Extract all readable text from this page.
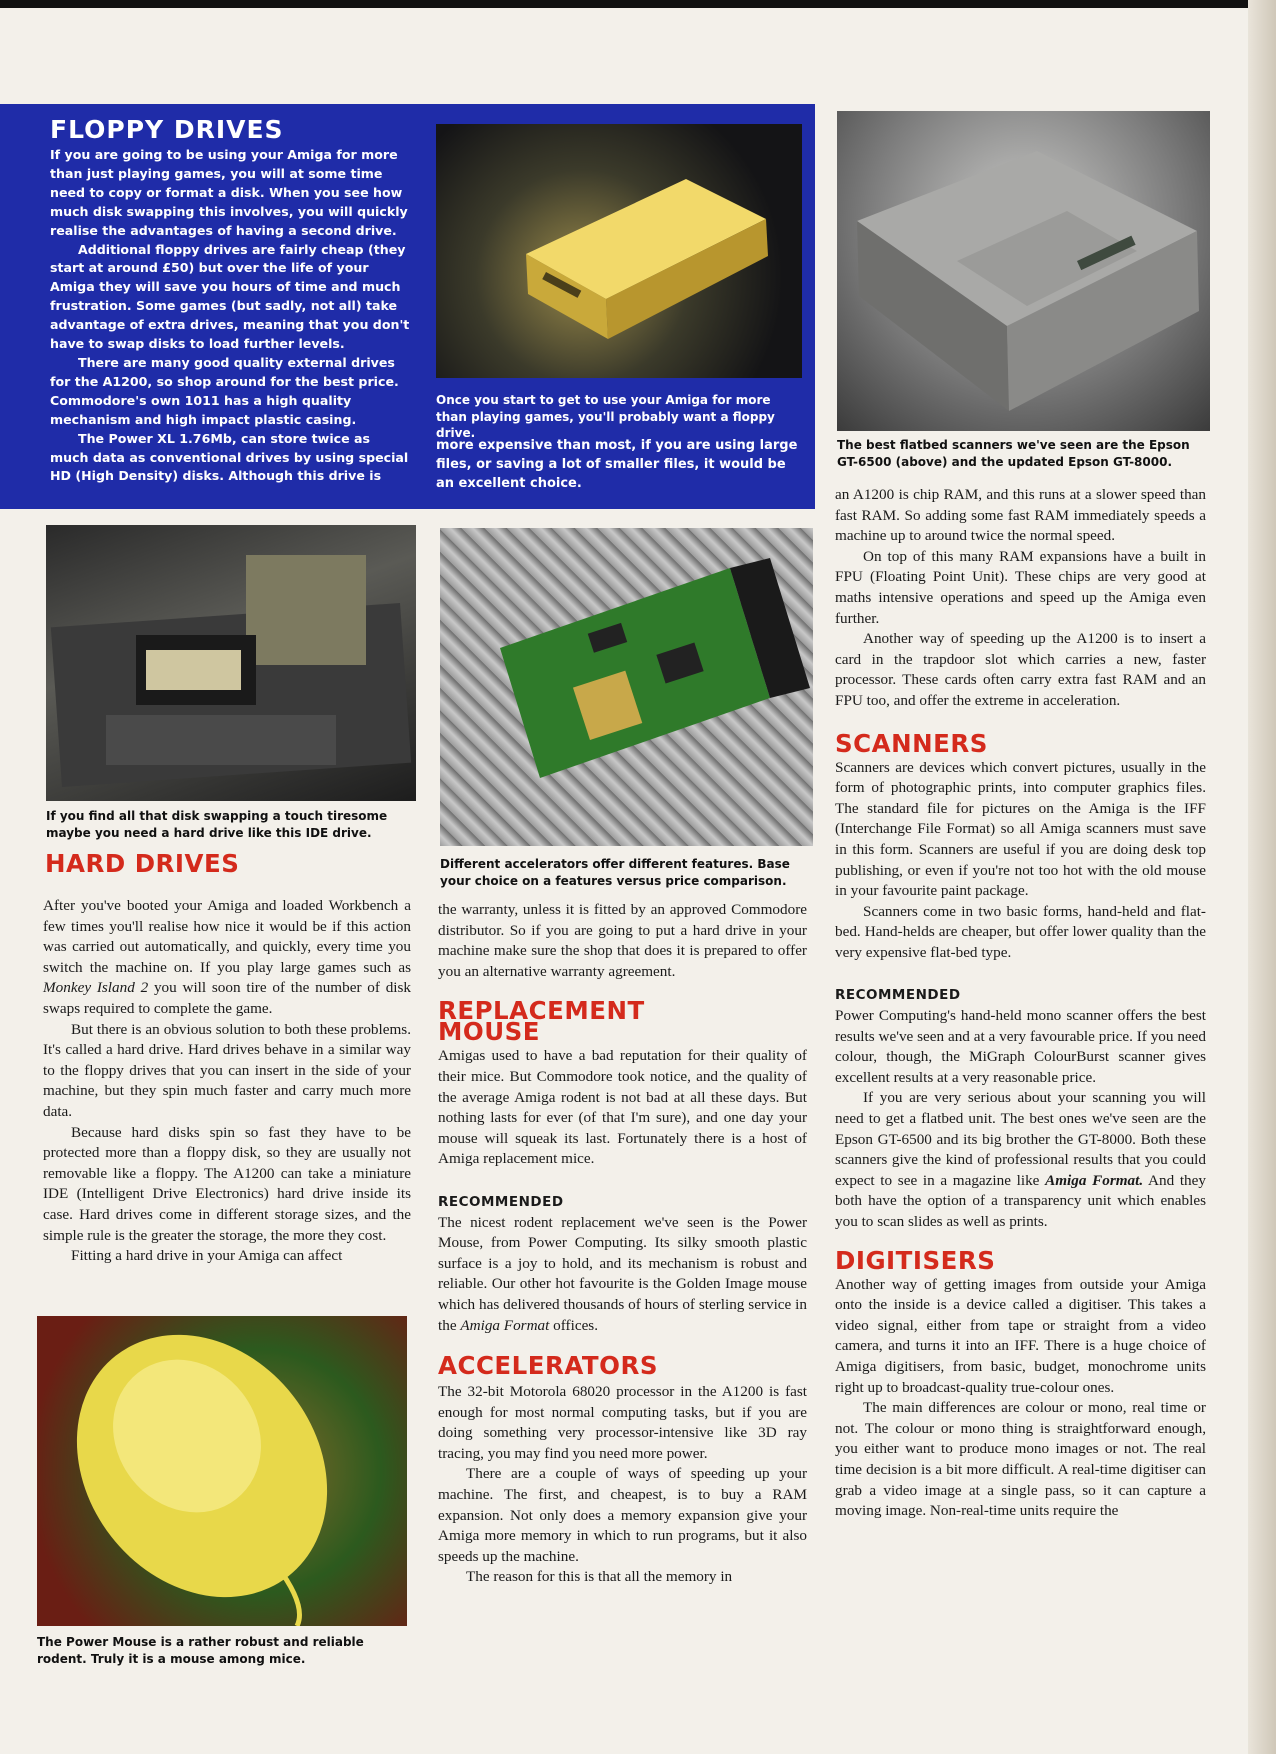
FLOPPY DRIVES

If you are going to be using your Amiga for more than just playing games, you will at some time need to copy or format a disk. When you see how much disk swapping this involves, you will quickly realise the advantages of having a second drive.

Additional floppy drives are fairly cheap (they start at around £50) but over the life of your Amiga they will save you hours of time and much frustration. Some games (but sadly, not all) take advantage of extra drives, meaning that you don't have to swap disks to load further levels.

There are many good quality external drives for the A1200, so shop around for the best price. Commodore's own 1011 has a high quality mechanism and high impact plastic casing.

The Power XL 1.76Mb, can store twice as much data as conventional drives by using special HD (High Density) disks. Although this drive is

Once you start to get to use your Amiga for more than playing games, you'll probably want a floppy drive.

more expensive than most, if you are using large files, or saving a lot of smaller files, it would be an excellent choice.

The best flatbed scanners we've seen are the Epson GT-6500 (above) and the updated Epson GT-8000.

If you find all that disk swapping a touch tiresome maybe you need a hard drive like this IDE drive.

Different accelerators offer different features. Base your choice on a features versus price comparison.

The Power Mouse is a rather robust and reliable rodent. Truly it is a mouse among mice.

HARD DRIVES

After you've booted your Amiga and loaded Workbench a few times you'll realise how nice it would be if this action was carried out automatically, and quickly, every time you switch the machine on. If you play large games such as Monkey Island 2 you will soon tire of the number of disk swaps required to complete the game.

But there is an obvious solution to both these problems. It's called a hard drive. Hard drives behave in a similar way to the floppy drives that you can insert in the side of your machine, but they spin much faster and carry much more data.

Because hard disks spin so fast they have to be protected more than a floppy disk, so they are usually not removable like a floppy. The A1200 can take a miniature IDE (Intelligent Drive Electronics) hard drive inside its case. Hard drives come in different storage sizes, and the simple rule is the greater the storage, the more they cost.

Fitting a hard drive in your Amiga can affect

the warranty, unless it is fitted by an approved Commodore distributor. So if you are going to put a hard drive in your machine make sure the shop that does it is prepared to offer you an alternative warranty agreement.

REPLACEMENT
MOUSE

Amigas used to have a bad reputation for their quality of their mice. But Commodore took notice, and the quality of the average Amiga rodent is not bad at all these days. But nothing lasts for ever (of that I'm sure), and one day your mouse will squeak its last. Fortunately there is a host of Amiga replacement mice.

RECOMMENDED

The nicest rodent replacement we've seen is the Power Mouse, from Power Computing. Its silky smooth plastic surface is a joy to hold, and its mechanism is robust and reliable. Our other hot favourite is the Golden Image mouse which has delivered thousands of hours of sterling service in the Amiga Format offices.

ACCELERATORS

The 32-bit Motorola 68020 processor in the A1200 is fast enough for most normal computing tasks, but if you are doing something very processor-intensive like 3D ray tracing, you may find you need more power.

There are a couple of ways of speeding up your machine. The first, and cheapest, is to buy a RAM expansion. Not only does a memory expansion give your Amiga more memory in which to run programs, but it also speeds up the machine.

The reason for this is that all the memory in

an A1200 is chip RAM, and this runs at a slower speed than fast RAM. So adding some fast RAM immediately speeds a machine up to around twice the normal speed.

On top of this many RAM expansions have a built in FPU (Floating Point Unit). These chips are very good at maths intensive operations and speed up the Amiga even further.

Another way of speeding up the A1200 is to insert a card in the trapdoor slot which carries a new, faster processor. These cards often carry extra fast RAM and an FPU too, and offer the extreme in acceleration.

SCANNERS

Scanners are devices which convert pictures, usually in the form of photographic prints, into computer graphics files. The standard file for pictures on the Amiga is the IFF (Interchange File Format) so all Amiga scanners must save in this form. Scanners are useful if you are doing desk top publishing, or even if you're not too hot with the old mouse in your favourite paint package.

Scanners come in two basic forms, hand-held and flat-bed. Hand-helds are cheaper, but offer lower quality than the very expensive flat-bed type.

RECOMMENDED

Power Computing's hand-held mono scanner offers the best results we've seen and at a very favourable price. If you need colour, though, the MiGraph ColourBurst scanner gives excellent results at a very reasonable price.

If you are very serious about your scanning you will need to get a flatbed unit. The best ones we've seen are the Epson GT-6500 and its big brother the GT-8000. Both these scanners give the kind of professional results that you could expect to see in a magazine like Amiga Format. And they both have the option of a transparency unit which enables you to scan slides as well as prints.

DIGITISERS

Another way of getting images from outside your Amiga onto the inside is a device called a digitiser. This takes a video signal, either from tape or straight from a video camera, and turns it into an IFF. There is a huge choice of Amiga digitisers, from basic, budget, monochrome units right up to broadcast-quality true-colour ones.

The main differences are colour or mono, real time or not. The colour or mono thing is straightforward enough, you either want to produce mono images or not. The real time decision is a bit more difficult. A real-time digitiser can grab a video image at a single pass, so it can capture a moving image. Non-real-time units require the
